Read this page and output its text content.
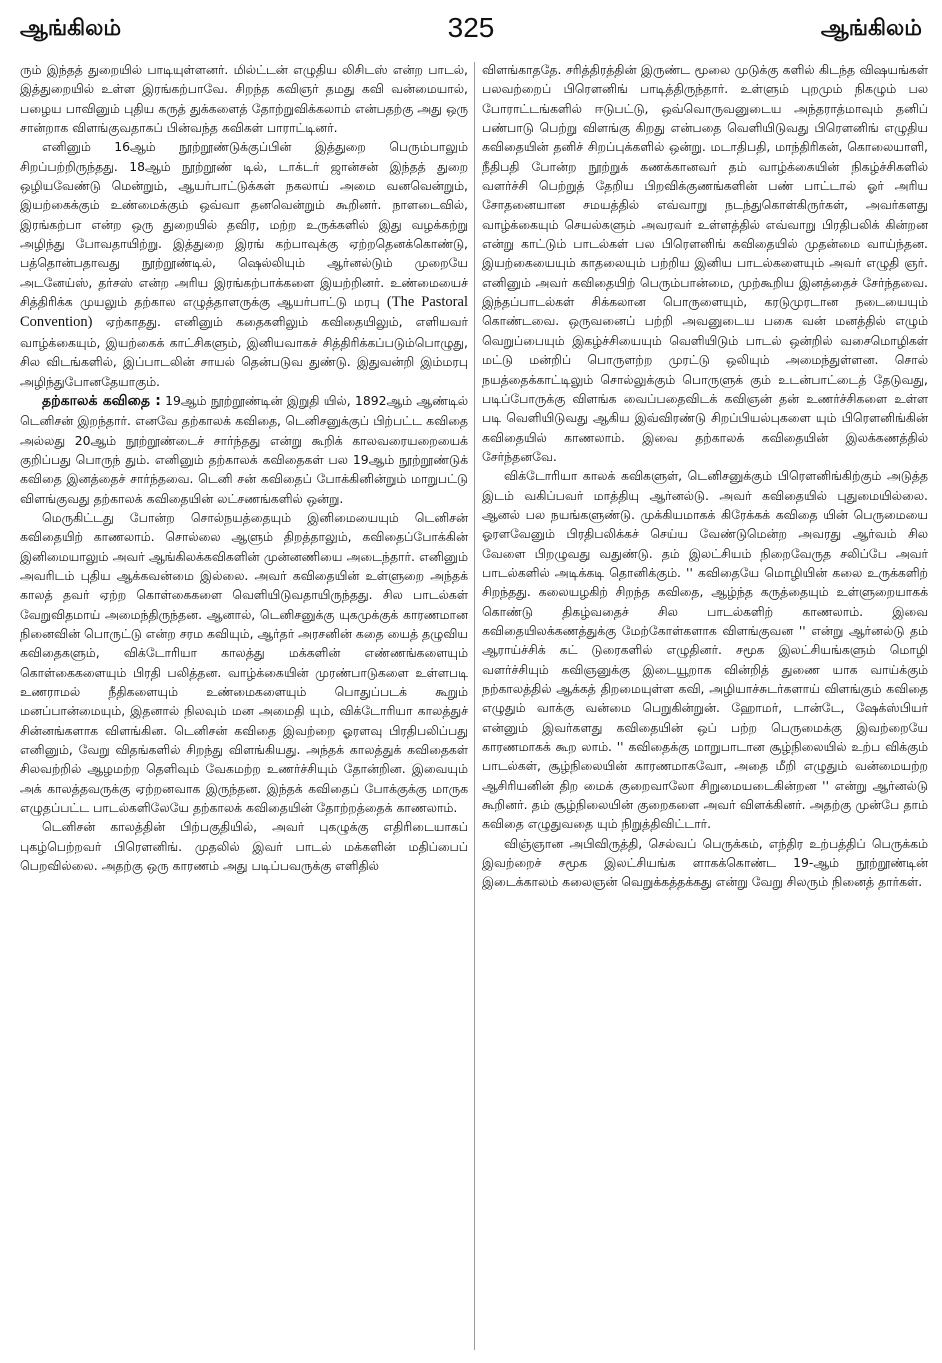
ஆங்கிலம்	325	ஆங்கிலம்

ரும் இந்தத் துறையில் பாடியுள்ளனர். மில்ட்டன் எழுதிய லிசிடஸ் என்ற பாடல், இத்துறையில் உள்ள இரங்கற்பாவே. சிறந்த கவிஞர் தமது கவி வன்மையால், பழைய பாவினும் புதிய கருத் துக்களைத் தோற்றுவிக்கலாம் என்பதற்கு அது ஒரு சான்றாக விளங்குவதாகப் பின்வந்த கவிகள் பாராட்டினர்.

எனினும் 16ஆம் நூற்றூண்டுக்குப்பின் இத்துறை பெரும்பாலும் சிறப்பற்றிருந்தது. 18ஆம் நூற்றூண் டில், டாக்டர் ஜான்சன் இந்தத் துறை ஒழியவேண்டு மென்றும், ஆயர்பாட்டுக்கள் நகலாய் அமை வனவென்றும், இயற்கைக்கும் உண்மைக்கும் ஒவ்வா தனவென்றும் கூறினர். நாளடைவில், இரங்கற்பா என்ற ஒரு துறையில் தவிர, மற்ற உருக்களில் இது வழக்கற்று அழிந்து போவதாயிற்று. இத்துறை இரங் கற்பாவுக்கு ஏற்றதெனக்கொண்டு, பத்தொன்பதாவது நூற்றூண்டில், ஷெல்லியும் ஆர்னல்டும் முறையே அடனேய்ஸ், தர்சஸ் என்ற அரிய இரங்கற்பாக்களை இயற்றினர். உண்மையைச் சித்திரிக்க முயலும் தற்கால எழுத்தாளருக்கு ஆயர்பாட்டு மரபு (The Pastoral Convention) ஏற்காதது. எனினும் கதைகளிலும் கவிதையிலும், எளியவர் வாழ்க்கையும், இயற்கைக் காட்சிகளும், இனியவாகச் சித்திரிக்கப்படும்பொழுது, சில விடங்களில், இப்பாடலின் சாயல் தென்படுவ துண்டு. இதுவன்றி இம்மரபு அழிந்துபோனதேயாகும்.

தற்காலக் கவிதை : 19ஆம் நூற்றூண்டின் இறுதி யில், 1892ஆம் ஆண்டில் டெனிசன் இறந்தார். எனவே தற்காலக் கவிதை, டெனிசனுக்குப் பிற்பட்ட கவிதை அல்லது 20ஆம் நூற்றூண்டைச் சார்ந்தது என்று கூறிக் காலவரையறையைக் குறிப்பது பொருந் தும். எனினும் தற்காலக் கவிதைகள் பல 19ஆம் நூற்றூண்டுக் கவிதை இனத்தைச் சார்ந்தவை. டெனி சன் கவிதைப் போக்கினின்றும் மாறுபட்டு விளங்குவது தற்காலக் கவிதையின் லட்சணங்களில் ஒன்று.

மெருகிட்டது போன்ற சொல்நயத்தையும் இனிமையையும் டெனிசன் கவிதையிற் காணலாம். சொல்லை ஆளும் திறத்தாலும், கவிதைப்போக்கின் இனிமையாலும் அவர் ஆங்கிலக்கவிகளின் முன்னணியை அடைந்தார். எனினும் அவரிடம் புதிய ஆக்கவன்மை இல்லை. அவர் கவிதையின் உள்ளுறை அந்தக் காலத் தவர் ஏற்ற கொள்கைகளை வெளியிடுவதாயிருந்தது. சில பாடல்கள் வேறுவிதமாய் அமைந்திருந்தன. ஆனால், டெனிசனுக்கு யுகமுக்குக் காரணமான நினைவின் பொருட்டு என்ற சரம கவியும், ஆர்தர் அரசனின் கதை யைத் தழுவிய கவிதைகளும், விக்டோரியா காலத்து மக்களின் எண்ணங்களையும் கொள்கைகளையும் பிரதி பலித்தன. வாழ்க்கையின் முரண்பாடுகளை உள்ளபடி உணராமல் நீதிகளையும் உண்மைகளையும் பொதுப்படக் கூறும் மனப்பான்மையும், இதனால் நிலவும் மன அமைதி யும், விக்டோரியா காலத்துச் சின்னங்களாக விளங்கின. டெனிசன் கவிதை இவற்றை ஓரளவு பிரதிபலிப்பது எனினும், வேறு விதங்களில் சிறந்து விளங்கியது. அந்தக் காலத்துக் கவிதைகள் சிலவற்றில் ஆழமற்ற தெளிவும் வேகமற்ற உணர்ச்சியும் தோன்றின. இவையும் அக் காலத்தவருக்கு ஏற்றனவாக இருந்தன. இந்தக் கவிதைப் போக்குக்கு மாருக எழுதப்பட்ட பாடல்களிலேயே தற்காலக் கவிதையின் தோற்றத்தைக் காணலாம்.

டெனிசன் காலத்தின் பிற்பகுதியில், அவர் புகழுக்கு எதிரிடையாகப் புகழ்பெற்றவர் பிரௌனிங். முதலில் இவர் பாடல் மக்களின் மதிப்பைப் பெறவில்லை. அதற்கு ஒரு காரணம் அது படிப்பவருக்கு எளிதில்

விளங்காததே. சரித்திரத்தின் இருண்ட மூலை முடுக்கு களில் கிடந்த விஷயங்கள் பலவற்றைப் பிரௌனிங் பாடித்திருந்தார். உள்ளும் புறமும் நிகழும் பல போராட்டங்களில் ஈடுபட்டு, ஒவ்வொருவனுடைய அந்தராத்மாவும் தனிப் பண்பாடு பெற்று விளங்கு கிறது என்பதை வெளியிடுவது பிரௌனிங் எழுதிய கவிதையின் தனிச் சிறப்புக்களில் ஒன்று. மடாதிபதி, மாந்திரிகன், கொலையாளி, நீதிபதி போன்ற நூற்றுக் கணக்கானவர் தம் வாழ்க்கையின் நிகழ்ச்சிகளில் வளர்ச்சி பெற்றுத் தேறிய பிறவிக்குணங்களின் பண் பாட்டால் ஓர் அரிய சோதனையான சமயத்தில் எவ்வாறு நடந்துகொள்கிருர்கள், அவர்களது வாழ்க்கையும் செயல்களும் அவரவர் உள்ளத்தில் எவ்வாறு பிரதிபலிக் கின்றன என்று காட்டும் பாடல்கள் பல பிரௌனிங் கவிதையில் முதன்மை வாய்ந்தன. இயற்கையையும் காதலையும் பற்றிய இனிய பாடல்களையும் அவர் எழுதி ஞர். எனினும் அவர் கவிதையிற் பெரும்பான்மை, முற்கூறிய இனத்தைச் சேர்ந்தவை. இந்தப்பாடல்கள் சிக்கலான பொருளையும், கரடுமுரடான நடையையும் கொண்டவை. ஒருவனைப் பற்றி அவனுடைய பகை வன் மனத்தில் எழும் வெறுப்பையும் இகழ்ச்சியையும் வெளியிடும் பாடல் ஒன்றில் வசைமொழிகள் மட்டு மன்றிப் பொருளற்ற முரட்டு ஒலியும் அமைந்துள்ளன. சொல் நயத்தைக்காட்டிலும் சொல்லுக்கும் பொருளுக் கும் உடன்பாட்டைத் தேடுவது, படிப்போருக்கு விளங்க வைப்பதைவிடக் கவிஞன் தன் உணர்ச்சிகளை உள்ள படி வெளியிடுவது ஆகிய இவ்விரண்டு சிறப்பியல்புகளை யும் பிரௌனிங்கின் கவிதையில் காணலாம். இவை தற்காலக் கவிதையின் இலக்கணத்தில் சேர்ந்தனவே.

விக்டோரியா காலக் கவிகளுள், டெனிசனுக்கும் பிரௌனிங்கிற்கும் அடுத்த இடம் வகிப்பவர் மாத்தியு ஆர்னல்டு. அவர் கவிதையில் புதுமையில்லை. ஆனல் பல நயங்களுண்டு. முக்கியமாகக் கிரேக்கக் கவிதை யின் பெருமையை ஓரளவேனும் பிரதிபலிக்கச் செய்ய வேண்டுமென்ற அவரது ஆர்வம் சில வேளை பிறழுவது வதுண்டு. தம் இலட்சியம் நிறைவேருத சலிப்பே அவர் பாடல்களில் அடிக்கடி தொனிக்கும். '' கவிதையே மொழியின் கலை உருக்களிற் சிறந்தது. கலையழகிற் சிறந்த கவிதை, ஆழ்ந்த கருத்தையும் உள்ளுறையாகக் கொண்டு திகழ்வதைச் சில பாடல்களிற் காணலாம். இவை கவிதையிலக்கணத்துக்கு மேற்கோள்களாக விளங்குவன '' என்று ஆர்னல்டு தம் ஆராய்ச்சிக் கட் டுரைகளில் எழுதினர். சமூக இலட்சியங்களும் மொழி வளர்ச்சியும் கவிஞனுக்கு இடையூறாக வின்றித் துணை யாக வாய்க்கும் நற்காலத்தில் ஆக்கத் திறமையுள்ள கவி, அழியாச்சுடர்களாய் விளங்கும் கவிதை எழுதும் வாக்கு வன்மை பெறுகின்றுன். ஹோமர், டான்டே, ஷேக்ஸ்பியர் என்னும் இவர்களது கவிதையின் ஒப் பற்ற பெருமைக்கு இவற்றையே காரணமாகக் கூற லாம். '' கவிதைக்கு மாறுபாடான சூழ்நிலையில் உற்ப விக்கும் பாடல்கள், சூழ்நிலையின் காரணமாகவோ, அதை மீறி எழுதும் வன்மையற்ற ஆசிரியனின் திற மைக் குறைவாலோ சிறுமையடைகின்றன '' என்று ஆர்னல்டு கூறினர். தம் சூழ்நிலையின் குறைகளை அவர் விளக்கினர். அதற்கு முன்பே தாம் கவிதை எழுதுவதை யும் நிறுத்திவிட்டார்.

விஞ்ஞான அபிவிருத்தி, செல்வப் பெருக்கம், எந்திர உற்பத்திப் பெருக்கம் இவற்றைச் சமூக இலட்சியங்க ளாகக்கொண்ட 19-ஆம் நூற்றூண்டின் இடைக்காலம் கலைஞன் வெறுக்கத்தக்கது என்று வேறு சிலரும் நினைத் தார்கள்.
